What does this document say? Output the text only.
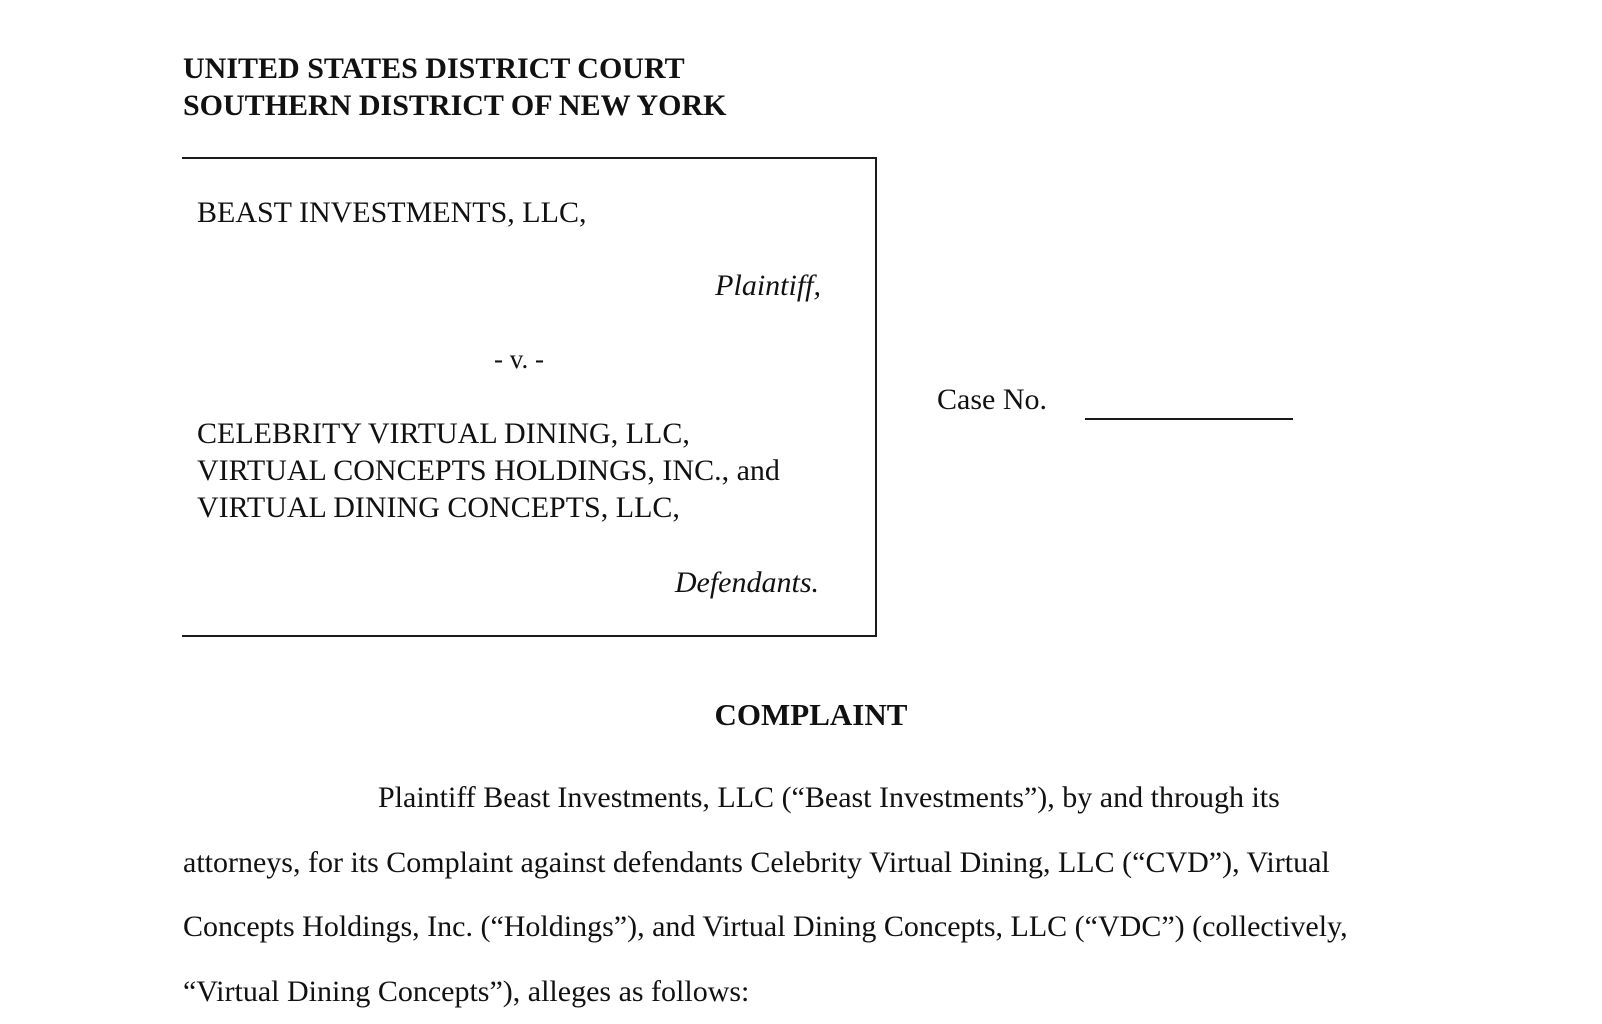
UNITED STATES DISTRICT COURT
SOUTHERN DISTRICT OF NEW YORK
BEAST INVESTMENTS, LLC,
Plaintiff,
- v. -
CELEBRITY VIRTUAL DINING, LLC,
VIRTUAL CONCEPTS HOLDINGS, INC., and
VIRTUAL DINING CONCEPTS, LLC,
Defendants.
Case No.
COMPLAINT
Plaintiff Beast Investments, LLC (“Beast Investments”), by and through its
attorneys, for its Complaint against defendants Celebrity Virtual Dining, LLC (“CVD”), Virtual
Concepts Holdings, Inc. (“Holdings”), and Virtual Dining Concepts, LLC (“VDC”) (collectively,
“Virtual Dining Concepts”), alleges as follows:
